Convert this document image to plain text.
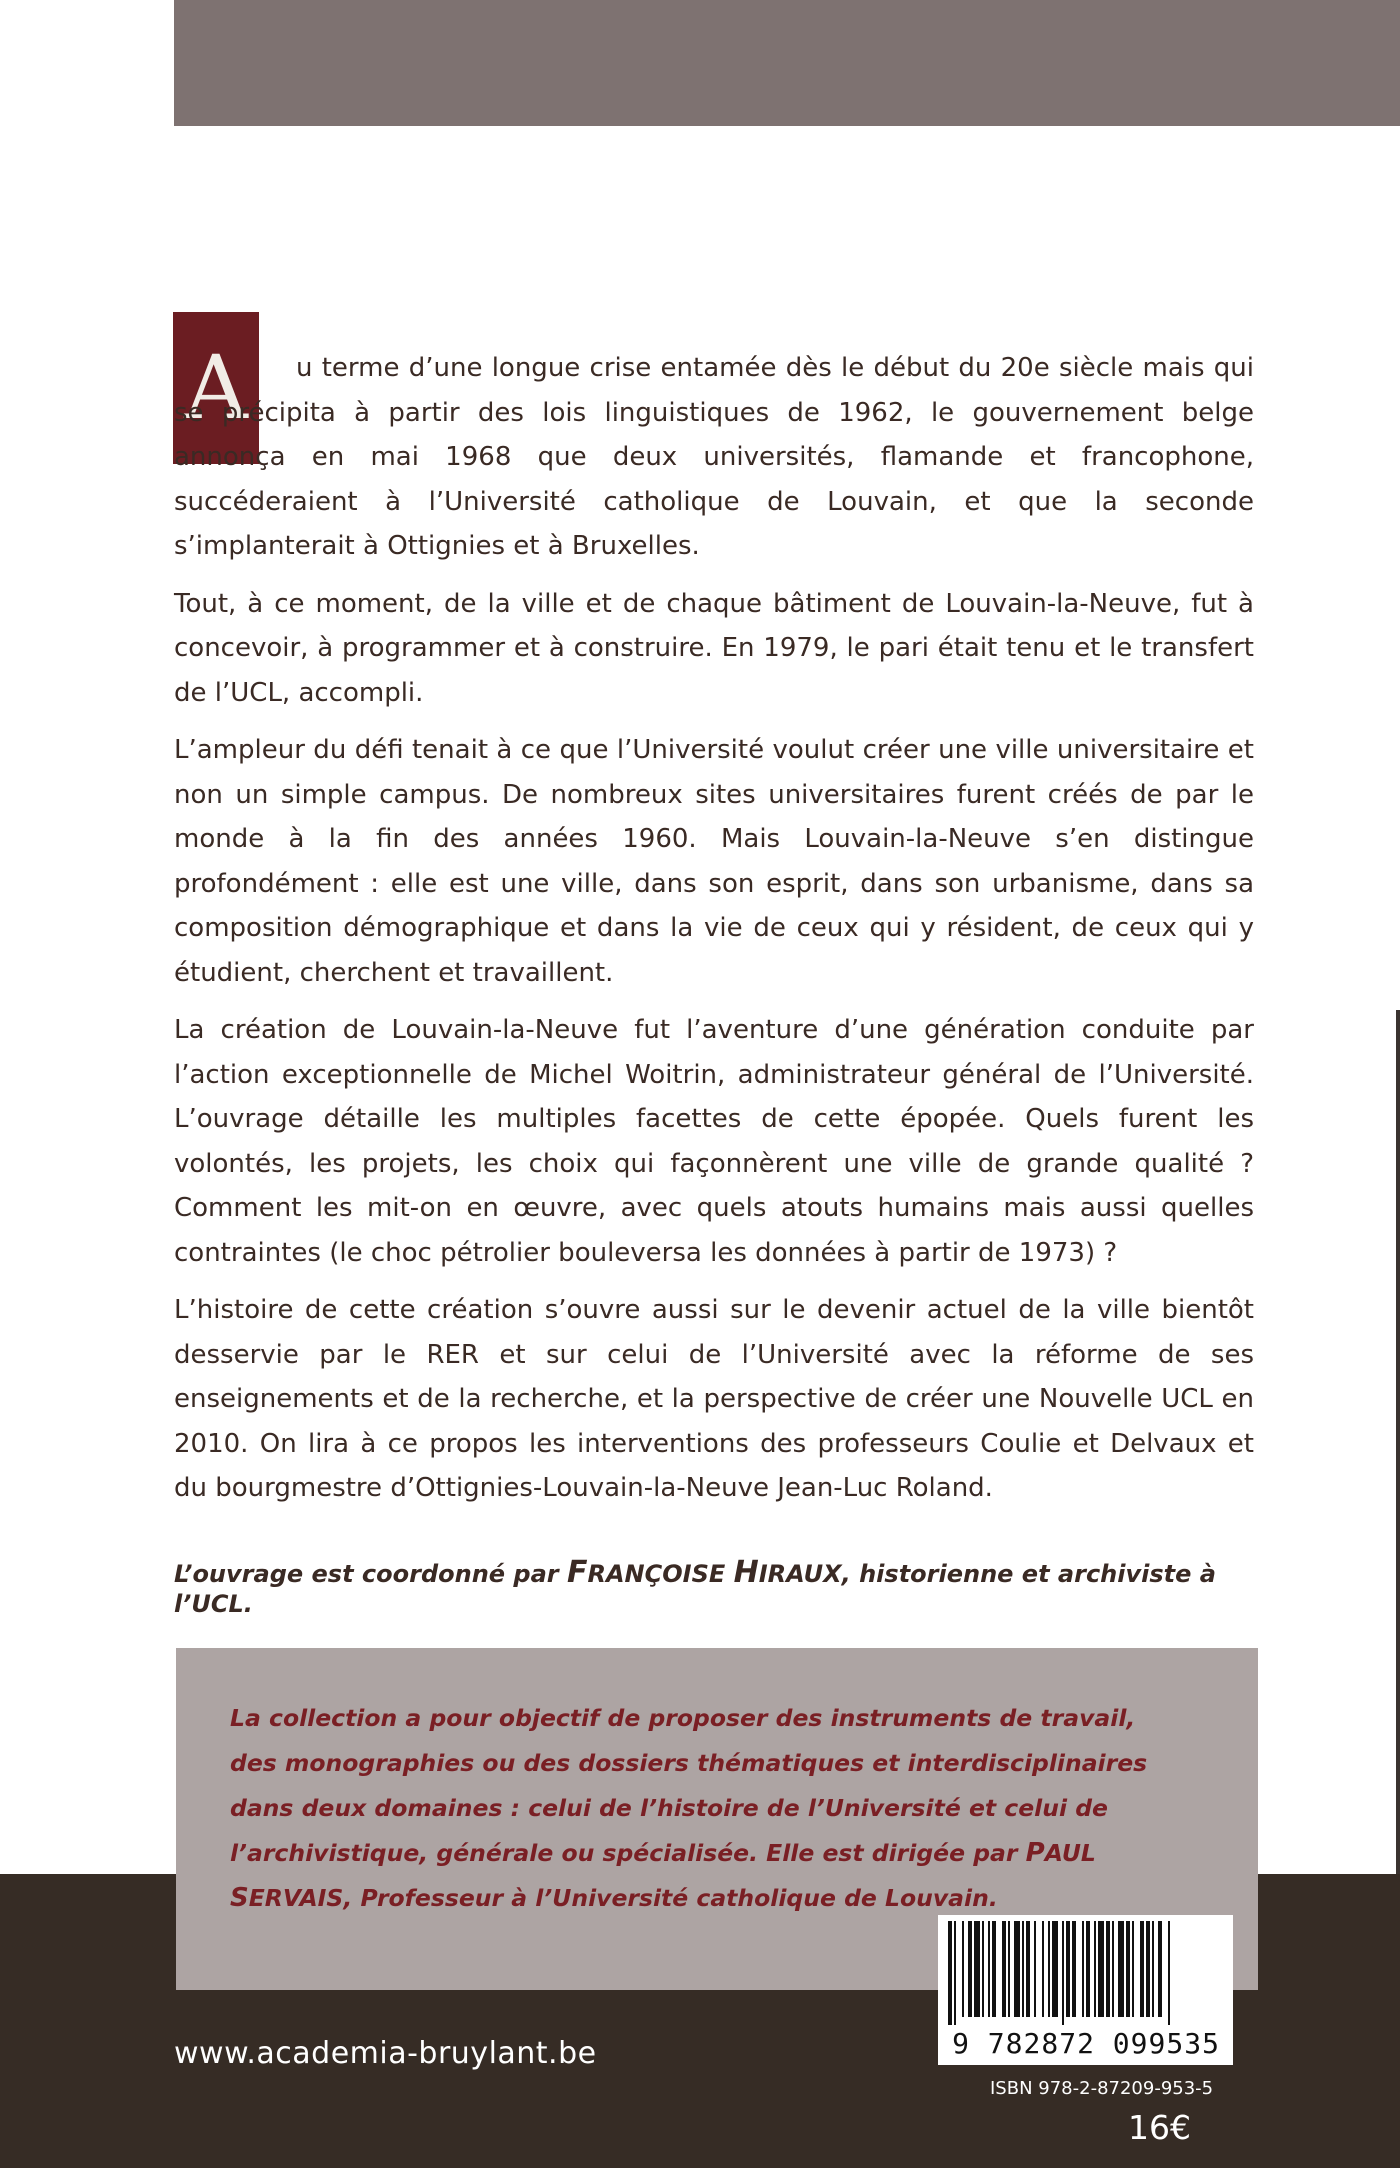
A	u terme d’une longue crise entamée dès le début du 20e siècle mais qui se précipita à partir des lois linguistiques de 1962, le gouvernement belge annonça en mai 1968 que deux universités, flamande et francophone, succéderaient à l’Université catholique de Louvain, et que la seconde s’implanterait à Ottignies et à Bruxelles.

Tout, à ce moment, de la ville et de chaque bâtiment de Louvain-la-Neuve, fut à concevoir, à programmer et à construire. En 1979, le pari était tenu et le transfert de l’UCL, accompli.

L’ampleur du défi tenait à ce que l’Université voulut créer une ville universitaire et non un simple campus. De nombreux sites universitaires furent créés de par le monde à la fin des années 1960. Mais Louvain-la-Neuve s’en distingue profondément : elle est une ville, dans son esprit, dans son urbanisme, dans sa composition démographique et dans la vie de ceux qui y résident, de ceux qui y étudient, cherchent et travaillent.

La création de Louvain-la-Neuve fut l’aventure d’une génération conduite par l’action exceptionnelle de Michel Woitrin, administrateur général de l’Université. L’ouvrage détaille les multiples facettes de cette épopée. Quels furent les volontés, les projets, les choix qui façonnèrent une ville de grande qualité ? Comment les mit-on en œuvre, avec quels atouts humains mais aussi quelles contraintes (le choc pétrolier bouleversa les données à partir de 1973) ?

L’histoire de cette création s’ouvre aussi sur le devenir actuel de la ville bientôt desservie par le RER et sur celui de l’Université avec la réforme de ses enseignements et de la recherche, et la perspective de créer une Nouvelle UCL en 2010. On lira à ce propos les interventions des professeurs Coulie et Delvaux et du bourgmestre d’Ottignies-Louvain-la-Neuve Jean-Luc Roland.

L’ouvrage est coordonné par FRANÇOISE HIRAUX, historienne et archiviste à l’UCL.

La collection a pour objectif de proposer des instruments de travail, des monographies ou des dossiers thématiques et interdisciplinaires dans deux domaines : celui de l’histoire de l’Université et celui de l’archivistique, générale ou spécialisée. Elle est dirigée par PAUL SERVAIS, Professeur à l’Université catholique de Louvain.

www.academia-bruylant.be	9 782872 099535
ISBN 978-2-87209-953-5
16€
